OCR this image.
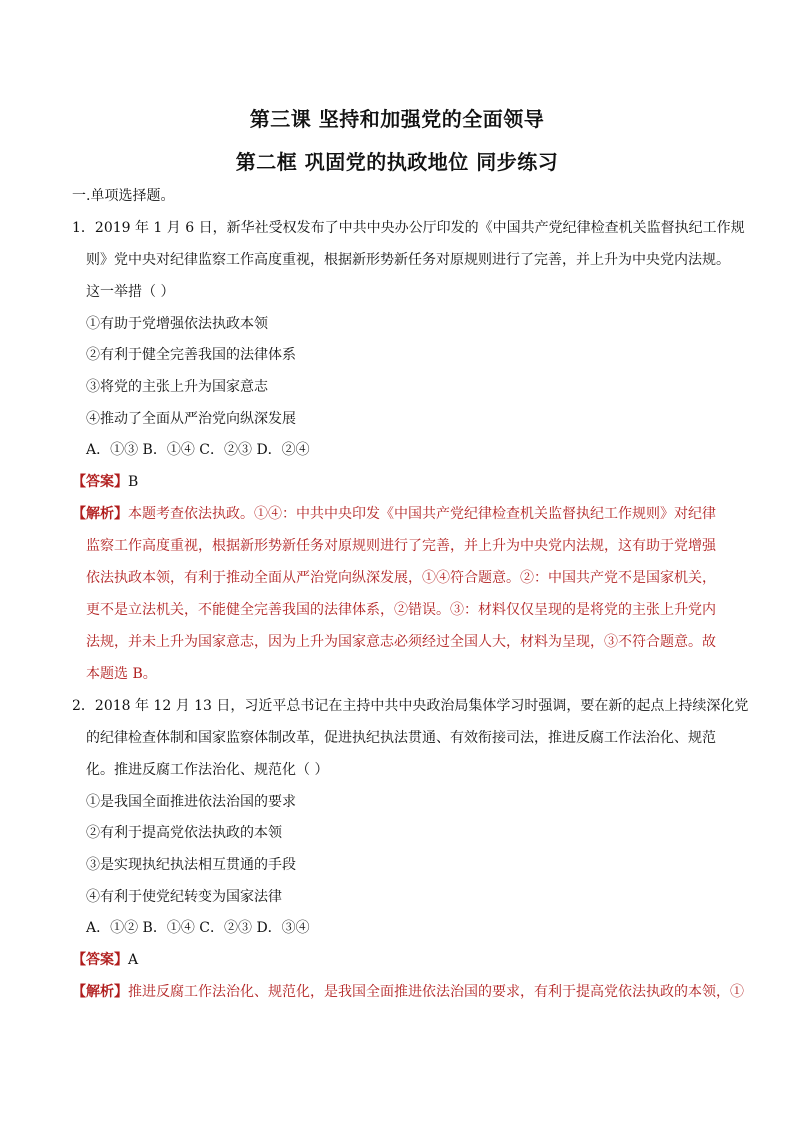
第三课 坚持和加强党的全面领导
第二框 巩固党的执政地位 同步练习
一.单项选择题。
1．2019 年 1 月 6 日，新华社受权发布了中共中央办公厅印发的《中国共产党纪律检查机关监督执纪工作规
则》党中央对纪律监察工作高度重视，根据新形势新任务对原规则进行了完善，并上升为中央党内法规。
这一举措（ ）
①有助于党增强依法执政本领
②有利于健全完善我国的法律体系
③将党的主张上升为国家意志
④推动了全面从严治党向纵深发展
A．①③ B．①④ C．②③ D．②④
【答案】B
【解析】本题考查依法执政。①④：中共中央印发《中国共产党纪律检查机关监督执纪工作规则》对纪律
监察工作高度重视，根据新形势新任务对原规则进行了完善，并上升为中央党内法规，这有助于党增强
依法执政本领，有利于推动全面从严治党向纵深发展，①④符合题意。②：中国共产党不是国家机关，
更不是立法机关，不能健全完善我国的法律体系，②错误。③：材料仅仅呈现的是将党的主张上升党内
法规，并未上升为国家意志，因为上升为国家意志必须经过全国人大，材料为呈现，③不符合题意。故
本题选 B。
2．2018 年 12 月 13 日，习近平总书记在主持中共中央政治局集体学习时强调，要在新的起点上持续深化党
的纪律检查体制和国家监察体制改革，促进执纪执法贯通、有效衔接司法，推进反腐工作法治化、规范
化。推进反腐工作法治化、规范化（ ）
①是我国全面推进依法治国的要求
②有利于提高党依法执政的本领
③是实现执纪执法相互贯通的手段
④有利于使党纪转变为国家法律
A．①② B．①④ C．②③ D．③④
【答案】A
【解析】推进反腐工作法治化、规范化，是我国全面推进依法治国的要求，有利于提高党依法执政的本领，①
